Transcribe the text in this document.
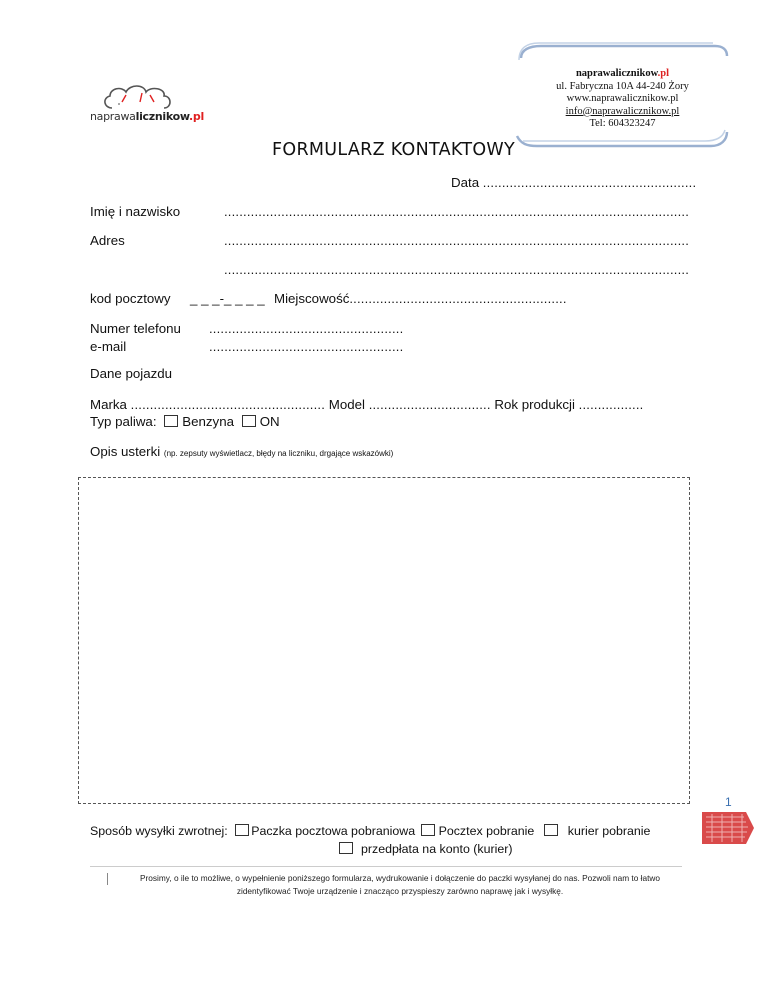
naprawalicznikow.pl
naprawalicznikow.pl
ul. Fabryczna 10A 44-240 Żory
www.naprawalicznikow.pl
info@naprawalicznikow.pl
Tel: 604323247
FORMULARZ KONTAKTOWY
Data ........................................................
Imię i nazwisko	..........................................................................................................................
Adres	..........................................................................................................................
..........................................................................................................................
kod pocztowy _ _ _-_ _ _ _ Miejscowość.........................................................
Numer telefonu ...................................................
e-mail	...................................................
Dane pojazdu
Marka ................................................... Model ................................ Rok produkcji .................
Typ paliwa: Benzyna ON
Opis usterki (np. zepsuty wyświetlacz, błędy na liczniku, drgające wskazówki)
1
Sposób wysyłki zwrotnej: Paczka pocztowa pobraniowa Pocztex pobranie	kurier pobranie
przedpłata na konto (kurier)
Prosimy, o ile to możliwe, o wypełnienie poniższego formularza, wydrukowanie i dołączenie do paczki wysyłanej do nas. Pozwoli nam to łatwo zidentyfikować Twoje urządzenie i znacząco przyspieszy zarówno naprawę jak i wysyłkę.
